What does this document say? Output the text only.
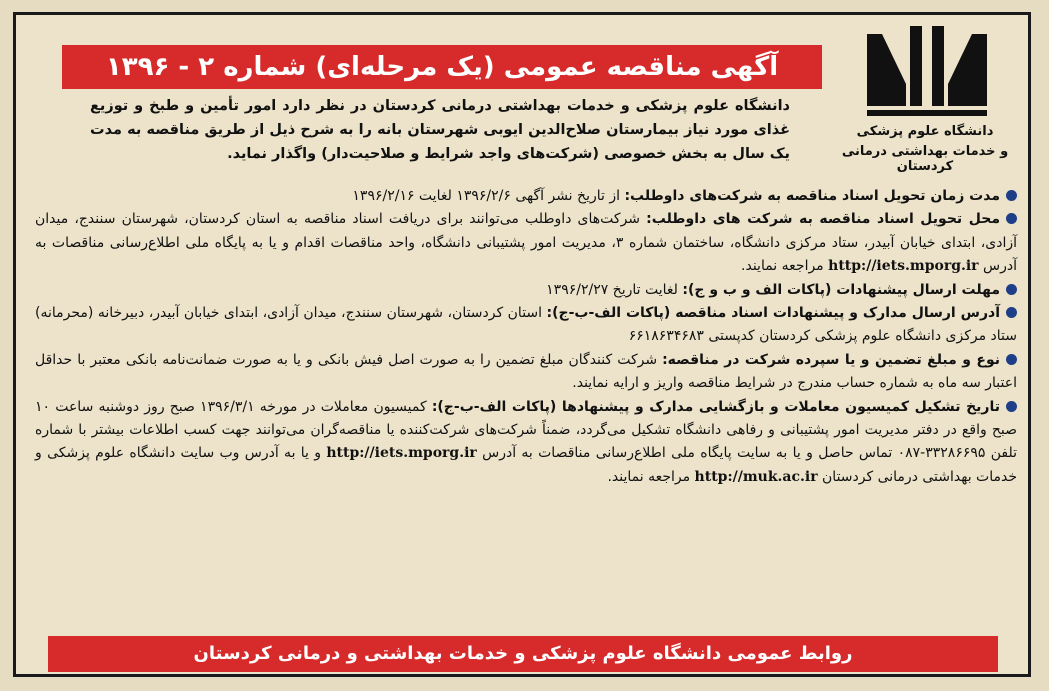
دانشگاه علوم پزشکی
و خدمات بهداشتی درمانی کردستان
آگهی مناقصه عمومی (یک مرحله‌ای) شماره ۲ - ۱۳۹۶
دانشگاه علوم پزشکی و خدمات بهداشتی درمانی کردستان در نظر دارد امور تأمین و طبخ و توزیع غذای مورد نیاز بیمارستان صلاح‌الدین ایوبی شهرستان بانه را به شرح ذیل از طریق مناقصه به مدت یک سال به بخش خصوصی (شرکت‌های واجد شرایط و صلاحیت‌دار) واگذار نماید.

مدت زمان تحویل اسناد مناقصه به شرکت‌های داوطلب: از تاریخ نشر آگهی ۱۳۹۶/۲/۶ لغایت ۱۳۹۶/۲/۱۶

محل تحویل اسناد مناقصه به شرکت های داوطلب: شرکت‌های داوطلب می‌توانند برای دریافت اسناد مناقصه به استان کردستان، شهرستان سنندج، میدان آزادی، ابتدای خیابان آبیدر، ستاد مرکزی دانشگاه، ساختمان شماره ۳، مدیریت امور پشتیبانی دانشگاه، واحد مناقصات اقدام و یا به پایگاه ملی اطلاع‌رسانی مناقصات به آدرس http://iets.mporg.ir مراجعه نمایند.

مهلت ارسال پیشنهادات (پاکات الف و ب و ج): لغایت تاریخ ۱۳۹۶/۲/۲۷

آدرس ارسال مدارک و پیشنهادات اسناد مناقصه (پاکات الف-ب-ج): استان کردستان، شهرستان سنندج، میدان آزادی، ابتدای خیابان آبیدر، دبیرخانه (محرمانه) ستاد مرکزی دانشگاه علوم پزشکی کردستان کدپستی ۶۶۱۸۶۳۴۶۸۳

نوع و مبلغ تضمین و یا سپرده شرکت در مناقصه: شرکت کنندگان مبلغ تضمین را به صورت اصل فیش بانکی و یا به صورت ضمانت‌نامه بانکی معتبر با حداقل اعتبار سه ماه به شماره حساب مندرج در شرایط مناقصه واریز و ارایه نمایند.

تاریخ تشکیل کمیسیون معاملات و بازگشایی مدارک و پیشنهادها (پاکات الف-ب-ج): کمیسیون معاملات در مورخه ۱۳۹۶/۳/۱ صبح روز دوشنبه ساعت ۱۰ صبح واقع در دفتر مدیریت امور پشتیبانی و رفاهی دانشگاه تشکیل می‌گردد، ضمناً شرکت‌های شرکت‌کننده یا مناقصه‌گران می‌توانند جهت کسب اطلاعات بیشتر با شماره تلفن ۳۳۲۸۶۶۹۵-۰۸۷ تماس حاصل و یا به سایت پایگاه ملی اطلاع‌رسانی مناقصات به آدرس http://iets.mporg.ir و یا به آدرس وب سایت دانشگاه علوم پزشکی و خدمات بهداشتی درمانی کردستان http://muk.ac.ir مراجعه نمایند.

روابط عمومی دانشگاه علوم پزشکی و خدمات بهداشتی و درمانی کردستان
